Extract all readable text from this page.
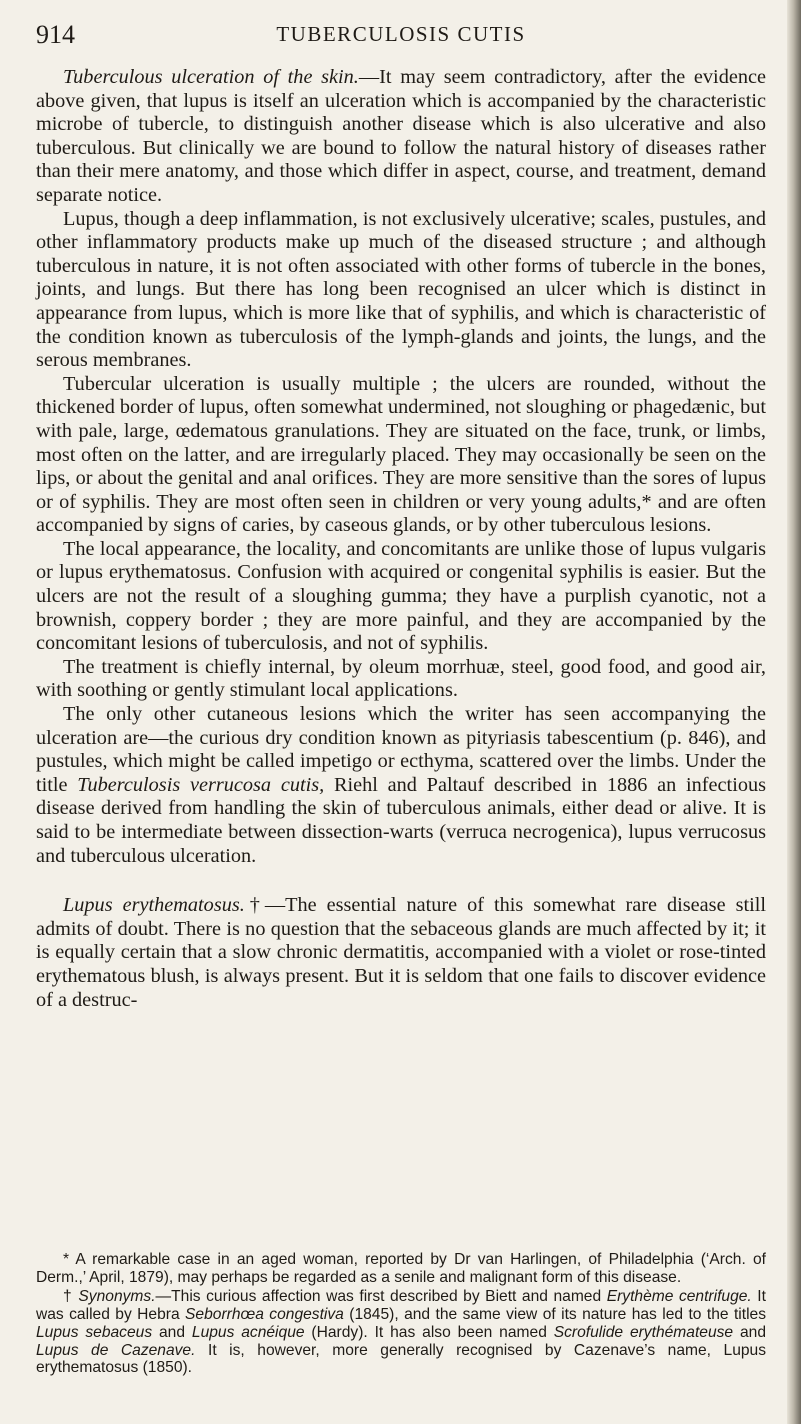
914	TUBERCULOSIS CUTIS

Tuberculous ulceration of the skin.—It may seem contradictory, after the evidence above given, that lupus is itself an ulceration which is accompanied by the characteristic microbe of tubercle, to distinguish another disease which is also ulcerative and also tuberculous. But clinically we are bound to follow the natural history of diseases rather than their mere anatomy, and those which differ in aspect, course, and treatment, demand separate notice.

Lupus, though a deep inflammation, is not exclusively ulcerative; scales, pustules, and other inflammatory products make up much of the diseased structure ; and although tuberculous in nature, it is not often associated with other forms of tubercle in the bones, joints, and lungs. But there has long been recognised an ulcer which is distinct in appearance from lupus, which is more like that of syphilis, and which is characteristic of the condition known as tuberculosis of the lymph-glands and joints, the lungs, and the serous membranes.

Tubercular ulceration is usually multiple ; the ulcers are rounded, without the thickened border of lupus, often somewhat undermined, not sloughing or phagedænic, but with pale, large, œdematous granulations. They are situated on the face, trunk, or limbs, most often on the latter, and are irregularly placed. They may occasionally be seen on the lips, or about the genital and anal orifices. They are more sensitive than the sores of lupus or of syphilis. They are most often seen in children or very young adults,* and are often accompanied by signs of caries, by caseous glands, or by other tuberculous lesions.

The local appearance, the locality, and concomitants are unlike those of lupus vulgaris or lupus erythematosus. Confusion with acquired or congenital syphilis is easier. But the ulcers are not the result of a sloughing gumma; they have a purplish cyanotic, not a brownish, coppery border ; they are more painful, and they are accompanied by the concomitant lesions of tuberculosis, and not of syphilis.

The treatment is chiefly internal, by oleum morrhuæ, steel, good food, and good air, with soothing or gently stimulant local applications.

The only other cutaneous lesions which the writer has seen accompanying the ulceration are—the curious dry condition known as pityriasis tabescentium (p. 846), and pustules, which might be called impetigo or ecthyma, scattered over the limbs. Under the title Tuberculosis verrucosa cutis, Riehl and Paltauf described in 1886 an infectious disease derived from handling the skin of tuberculous animals, either dead or alive. It is said to be intermediate between dissection-warts (verruca necrogenica), lupus verrucosus and tuberculous ulceration.

Lupus erythematosus.†—The essential nature of this somewhat rare disease still admits of doubt. There is no question that the sebaceous glands are much affected by it; it is equally certain that a slow chronic dermatitis, accompanied with a violet or rose-tinted erythematous blush, is always present. But it is seldom that one fails to discover evidence of a destruc-

* A remarkable case in an aged woman, reported by Dr van Harlingen, of Philadelphia (‘Arch. of Derm.,’ April, 1879), may perhaps be regarded as a senile and malignant form of this disease.

† Synonyms.—This curious affection was first described by Biett and named Erythème centrifuge. It was called by Hebra Seborrhœa congestiva (1845), and the same view of its nature has led to the titles Lupus sebaceus and Lupus acnéique (Hardy). It has also been named Scrofulide erythémateuse and Lupus de Cazenave. It is, however, more generally recognised by Cazenave’s name, Lupus erythematosus (1850).
